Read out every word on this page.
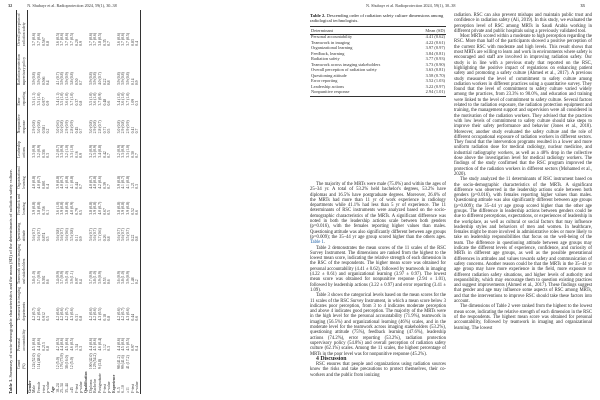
32	N. Shubayr et al. Radioprotection 2024, 59(1), 30–38
Table 1. Summary of socio-demographic characteristics and the mean (SD) of the determinants of radiation safety culture.
	Count (%)	Personal accountability	Teamwork in imaging departments	Teamwork across imaging and stakeholders	Questioning attitude	Feedback and learning	Organizational learning	Leadership actions	Nonpunitive response	Error reporting	Radiation protection supervisory policy	Overall perception of radiation safety
Gender												
Male	124 (52.0)	4.5 (0.6)	4.2 (0.7)	3.8 (1.0)	3.6 (0.7)	3.9 (0.8)	4.0 (0.8)	3.3 (0.9)	2.9 (0.8)	3.5 (1.1)	3.9 (0.8)	3.7 (0.6)
Female	114 (48.0)	4.4 (0.6)	4.2 (0.6)	3.7 (0.9)	3.6 (0.7)	3.8 (0.8)	4.0 (0.7)	3.2 (0.9)	3.0 (0.8)	3.5 (1.0)	3.9 (0.8)	3.7 (0.6)
t-test		0.213	0.912	0.392	0.874	0.156	0.801	0.336	0.581	0.977	0.566	0.567
p-value		0.8	0.5	0.6	0.5	0.1	0.4	0.3	0.2	0.9	0.4	0.8
Age												
18–24	12 (5.0)	4.2 (0.5)	4.2 (0.6)	3.4 (0.9)	3.6 (0.8)	3.6 (1.0)	3.9 (0.8)	3.2 (0.7)	3.0 (0.6)	3.4 (1.1)	4.1 (0.7)	3.6 (0.5)
25–34	176 (73.9)	4.4 (0.6)	4.2 (0.6)	3.7 (0.9)	3.6 (0.7)	3.9 (0.8)	4.0 (0.7)	3.3 (0.9)	3.0 (0.8)	3.5 (1.0)	3.9 (0.8)	3.7 (0.6)
35–44	38 (16.0)	4.5 (0.6)	4.2 (0.7)	3.9 (1.0)	3.6 (0.6)	3.8 (0.8)	4.1 (0.8)	3.2 (1.0)	2.9 (0.9)	3.6 (1.0)	3.9 (0.9)	3.7 (0.6)
≥45	12 (5.0)	4.6 (0.5)	4.3 (0.6)	3.9 (1.1)	3.5 (0.8)	4.0 (0.9)	4.1 (0.8)	3.3 (1.0)	2.8 (0.9)	3.7 (1.0)	3.8 (0.8)	3.7 (0.5)
F-test		1.34	0.31	0.97	0.11	0.79	0.44	0.16	0.45	0.37	0.50	0.20
p-value		0.3	0.8	0.4	0.9	0.5	0.7	0.9	0.7	0.8	0.7	0.9
Qualification												
Diploma	100 (42.0)	4.4 (0.6)	4.2 (0.6)	3.7 (0.9)	3.6 (0.7)	3.8 (0.8)	4.0 (0.7)	3.2 (0.9)	3.0 (0.8)	3.5 (1.0)	3.9 (0.8)	3.7 (0.6)
Bachelor	129 (54.2)	4.5 (0.6)	4.2 (0.6)	3.8 (1.0)	3.6 (0.7)	3.9 (0.8)	4.0 (0.8)	3.3 (0.9)	2.9 (0.8)	3.6 (1.0)	3.9 (0.8)	3.7 (0.6)
Postgraduate	9 (3.8)	4.6 (0.4)	4.3 (0.5)	3.9 (0.9)	3.7 (0.6)	4.0 (0.7)	4.2 (0.6)	3.4 (0.8)	2.8 (0.7)	3.7 (0.9)	4.0 (0.7)	3.8 (0.5)
F-test		1.12	0.18	0.53	0.26	0.67	0.39	0.42	0.71	0.48	0.22	0.35
p-value		0.3	0.8	0.6	0.8	0.5	0.7	0.7	0.5	0.6	0.8	0.7
Experience												
0–5	98 (41.2)	4.4 (0.6)	4.2 (0.6)	3.6 (0.9)	3.6 (0.7)	3.8 (0.8)	3.9 (0.8)	3.2 (0.9)	3.0 (0.8)	3.4 (1.0)	3.9 (0.8)	3.6 (0.6)
6–10	99 (41.6)	4.5 (0.6)	4.2 (0.7)	3.8 (1.0)	3.6 (0.7)	3.9 (0.8)	4.1 (0.7)	3.3 (0.9)	2.9 (0.8)	3.6 (1.0)	3.9 (0.8)	3.7 (0.6)
≥11	41 (17.2)	4.5 (0.5)	4.3 (0.6)	3.9 (0.9)	3.5 (0.7)	3.9 (0.8)	4.1 (0.8)	3.3 (1.0)	2.9 (0.9)	3.7 (1.0)	3.9 (0.8)	3.7 (0.5)
F-test		0.97	0.44	1.48	0.22	0.52	1.21	0.30	0.41	1.09	0.14	0.83
p-value		0.4	0.6	0.2	0.8	0.6	0.3	0.7	0.7	0.3	0.9	0.4
N. Shubayr et al. Radioprotection 2024, 59(1), 30–38	33
Table 2. Descending order of radiation safety culture dimensions among radiological technologists.
Determinant	Mean (SD)
Personal accountability	4.41 (0.62)
Teamwork in imaging	4.22 (0.61)
Organizational learning	3.97 (0.97)
Feedback, learning	3.84 (0.81)
Radiation safety	3.77 (0.93)
Teamwork across imaging stakeholders	3.73 (0.90)
Overall perception of radiation safety	3.63 (0.81)
Questioning attitude	3.58 (0.70)
Error reporting	3.52 (1.03)
Leadership actions	3.22 (0.97)
Nonpunitive response	2.94 (1.01)

The majority of the MRTs were male (75.0%) and within the ages of 25–34 yr. A total of 53.2% held bachelor's degrees, 53.2% have diplomas and 16.5% have postgraduate degrees. Moreover, 26.6% of the MRTs had more than 11 yr of work experience in radiology departments while 41.1% had less than 5 yr of experience. The 11 determinants of RSC instruments were analyzed based on the socio-demographic characteristics of the MRTs. A significant difference was noted in both the leadership actions scale between both genders (p=0.016), with the females reporting higher values than males. Questioning attitude was also significantly different between age groups (p=0.009); the 35–44 yr age group scored higher than the others ages. Table 1.

Table 2 demonstrates the mean scores of the 11 scales of the RSC Survey Instrument. The dimensions are ranked from the highest to the lowest mean score, indicating the relative strength of each dimension in the RSC of the respondents. The higher mean score was obtained for personal accountability (4.41 ± 0.62), followed by teamwork in imaging (4.22 ± 0.61) and organizational learning (3.97 ± 0.97). The lowest mean score was obtained for nonpunitive response (2.94 ± 1.01), followed by leadership actions (3.22 ± 0.97) and error reporting (3.41 ± 1.09).

Table 3 shows the categorical levels based on the mean scores for the 11 scales of the RSC Survey Instrument, in which a mean score below 3 indicates poor perception, from 3 to 4 indicates moderate perception and above 4 indicates good perception. The majority of the MRTs were in the high level for the personal accountability (71.9%), teamwork in imaging (56.5%) and organizational learning (46%) scales, and in the moderate level for the teamwork across imaging stakeholders (53.2%), questioning attitude (75%), feedback learning (47.6%), leadership actions (74.2%), error reporting (53.2%), radiation protection supervisory policy (54.8%) and overall perception of radiation safety culture (62.1%) scales. Among the 11 scales, the highest percentage of MRTs in the poor level was for nonpunitive response (45.2%).

4 Discussion

RSC ensures that people and organizations using radiation sources know the risks and take precautions to protect themselves, their co-workers and the public from ionizing

radiation. RSC can also prevent mishaps and maintain public trust and confidence in radiation safety (Ali, 2019). In this study, we evaluated the perception level of RSC among MRTs in Saudi Arabia working in different private and public hospitals using a previously validated tool.

Most MRTs scored within a moderate to high perception regarding the RSC. More than half of the participants showed a positive perception of the current RSC with moderate and high levels. This result shows that most MRTs are willing to learn and work in environments where safety is encouraged and staff are involved in improving radiation safety. Our study is in line with a previous study that reported on the RSC, highlighting the positive impact of regulations on enhancing patient safety and promoting a safety culture (Ahmed et al., 2017). A previous study measured the level of commitment to safety culture among radiation workers in different practices using a quantitative survey. They found that the level of commitment to safety culture varied widely among the practices, from 23.3% to 90.0%, and education and training were linked to the level of commitment to safety culture. Several factors related to the radiation exposure, the radiation protection equipment and training, the management support and supervision were all considered in the motivation of the radiation workers. They advised that the practices with low levels of commitment to safety culture should take steps to improve their safety performance and behavior (Jones et al., 2018). Moreover, another study evaluated the safety culture and the role of different occupational exposure of radiation workers in different sectors. They found that the intervention programs resulted in a lower and more uniform radiation dose for medical radiology, nuclear medicine, and industrial radiography workers, as well as a 48% drop in the collective dose above the investigation level for medical radiology workers. The findings of the study confirmed that the RSC program improved the protection of the radiation workers in different sectors (Mohamed et al., 2020).

The study analyzed the 11 determinants of RSC instrument based on the socio-demographic characteristics of the MRTs. A significant difference was observed in the leadership actions scale between both genders (p=0.016), with females reporting higher values than males. Questioning attitude was also significantly different between age groups (p=0.009); the 35–44 yr age group scored higher than the other age groups. The difference in leadership actions between genders could be due to different perceptions, expectations, or experiences of leadership in the workplace, as well as cultural or social factors that may influence leadership styles and behaviors of men and women. In healthcare, females might be more involved in administrative roles or more likely to take on leadership responsibilities that focus on the well-being of the team. The difference in questioning attitude between age groups may indicate the different levels of experience, confidence, and curiosity of MRTs in different age groups, as well as the possible generational differences in attitudes and values towards safety and communication of safety concerns. Another reason could be that the MRTs in the 35–44 yr age group may have more experience in the field, more exposure to different radiation safety situations, and higher levels of authority and responsibility, which may encourage them to question existing practices and suggest improvements (Ahmed et al., 2017). These findings suggest that gender and age may influence some aspects of RSC among MRTs, and that the interventions to improve RSC should take these factors into account.

The dimensions of Table 2 were ranked from the highest to the lowest mean score, indicating the relative strength of each dimension in the RSC of the respondents. The highest mean score was obtained for personal accountability, followed by teamwork in imaging and organizational learning. The lowest
